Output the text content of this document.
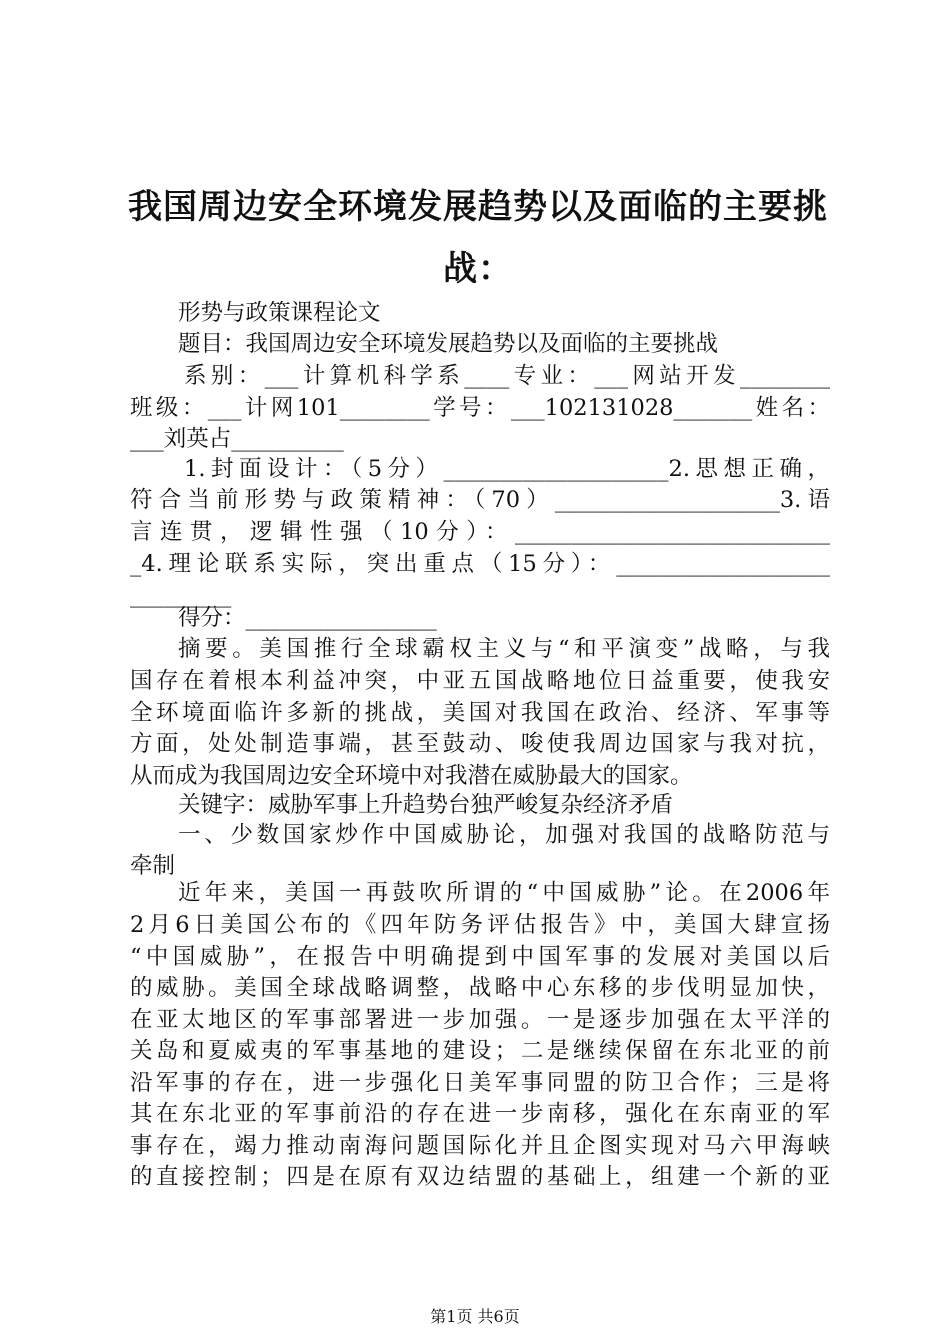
我国周边安全环境发展趋势以及面临的主要挑
战：
形势与政策课程论文
题目：我国周边安全环境发展趋势以及面临的主要挑战
系别：___计算机科学系____专业：___网站开发________
班级：___计网101________学号：___102131028_______姓名：
___刘英占__________
1.封面设计：（5分）____________________2.思想正确，
符合当前形势与政策精神：（70）____________________3.语
言连贯，逻辑性强（10分）：____________________________
_4.理论联系实际，突出重点（15分）：___________________
_________
得分：_________________
摘要。美国推行全球霸权主义与“和平演变”战略，与我
国存在着根本利益冲突，中亚五国战略地位日益重要，使我安
全环境面临许多新的挑战，美国对我国在政治、经济、军事等
方面，处处制造事端，甚至鼓动、唆使我周边国家与我对抗，
从而成为我国周边安全环境中对我潜在威胁最大的国家。
关键字：威胁军事上升趋势台独严峻复杂经济矛盾
一、少数国家炒作中国威胁论，加强对我国的战略防范与
牵制
近年来，美国一再鼓吹所谓的“中国威胁”论。在2006年
2月6日美国公布的《四年防务评估报告》中，美国大肆宣扬
“中国威胁”，在报告中明确提到中国军事的发展对美国以后
的威胁。美国全球战略调整，战略中心东移的步伐明显加快，
在亚太地区的军事部署进一步加强。一是逐步加强在太平洋的
关岛和夏威夷的军事基地的建设；二是继续保留在东北亚的前
沿军事的存在，进一步强化日美军事同盟的防卫合作；三是将
其在东北亚的军事前沿的存在进一步南移，强化在东南亚的军
事存在，竭力推动南海问题国际化并且企图实现对马六甲海峡
的直接控制；四是在原有双边结盟的基础上，组建一个新的亚
第1页 共6页
